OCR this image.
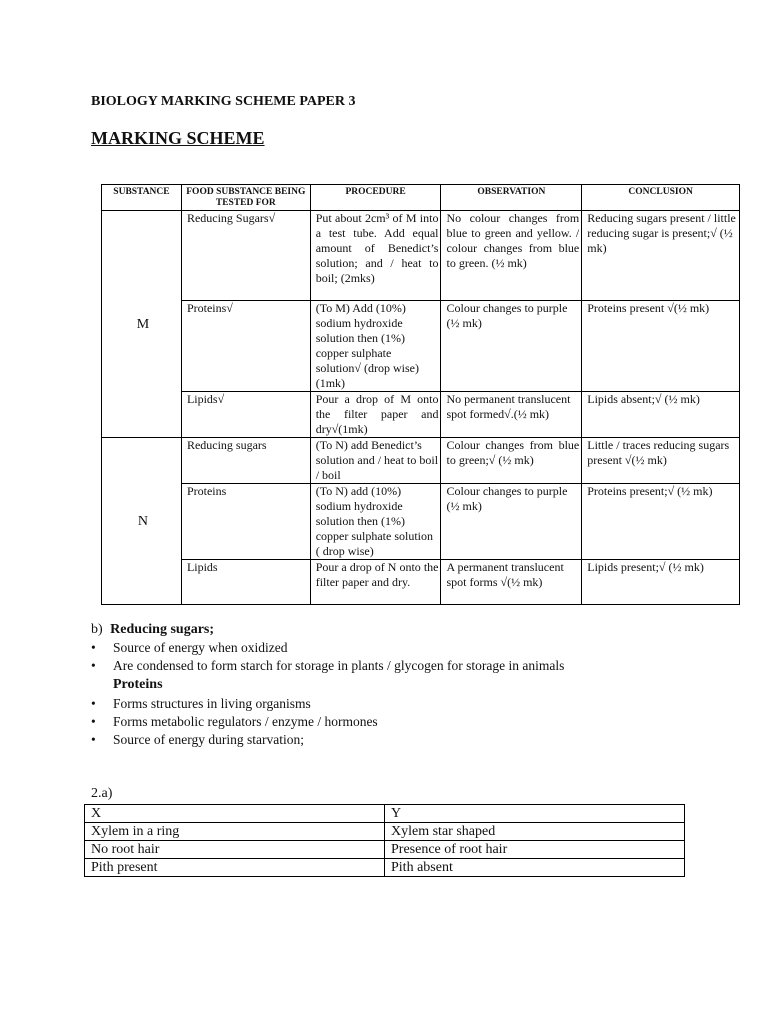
BIOLOGY MARKING SCHEME PAPER 3
MARKING SCHEME
SUBSTANCE	FOOD SUBSTANCE BEING TESTED FOR	PROCEDURE	OBSERVATION	CONCLUSION
M	Reducing Sugars√	Put about 2cm³ of M into a test tube. Add equal amount of Benedict’s solution; and / heat to boil; (2mks)	No colour changes from blue to green and yellow. / colour changes from blue to green. (½ mk)	Reducing sugars present / little reducing sugar is present;√ (½ mk)
	Proteins√	(To M) Add (10%) sodium hydroxide solution then (1%) copper sulphate solution√ (drop wise)(1mk)	Colour changes to purple (½ mk)	Proteins present √(½ mk)
	Lipids√	Pour a drop of M onto the filter paper and dry√(1mk)	No permanent translucent spot formed√.(½ mk)	Lipids absent;√ (½ mk)
N	Reducing sugars	(To N) add Benedict’s solution and / heat to boil / boil	Colour changes from blue to green;√ (½ mk)	Little / traces reducing sugars present √(½ mk)
	Proteins	(To N) add (10%) sodium hydroxide solution then (1%) copper sulphate solution ( drop wise)	Colour changes to purple (½ mk)	Proteins present;√ (½ mk)
	Lipids	Pour a drop of N onto the filter paper and dry.	A permanent translucent spot forms √(½ mk)	Lipids present;√ (½ mk)
b) Reducing sugars;
• Source of energy when oxidized
• Are condensed to form starch for storage in plants / glycogen for storage in animals
Proteins
• Forms structures in living organisms
• Forms metabolic regulators / enzyme / hormones
• Source of energy during starvation;
2.a)
X	Y
Xylem in a ring	Xylem star shaped
No root hair	Presence of root hair
Pith present	Pith absent
